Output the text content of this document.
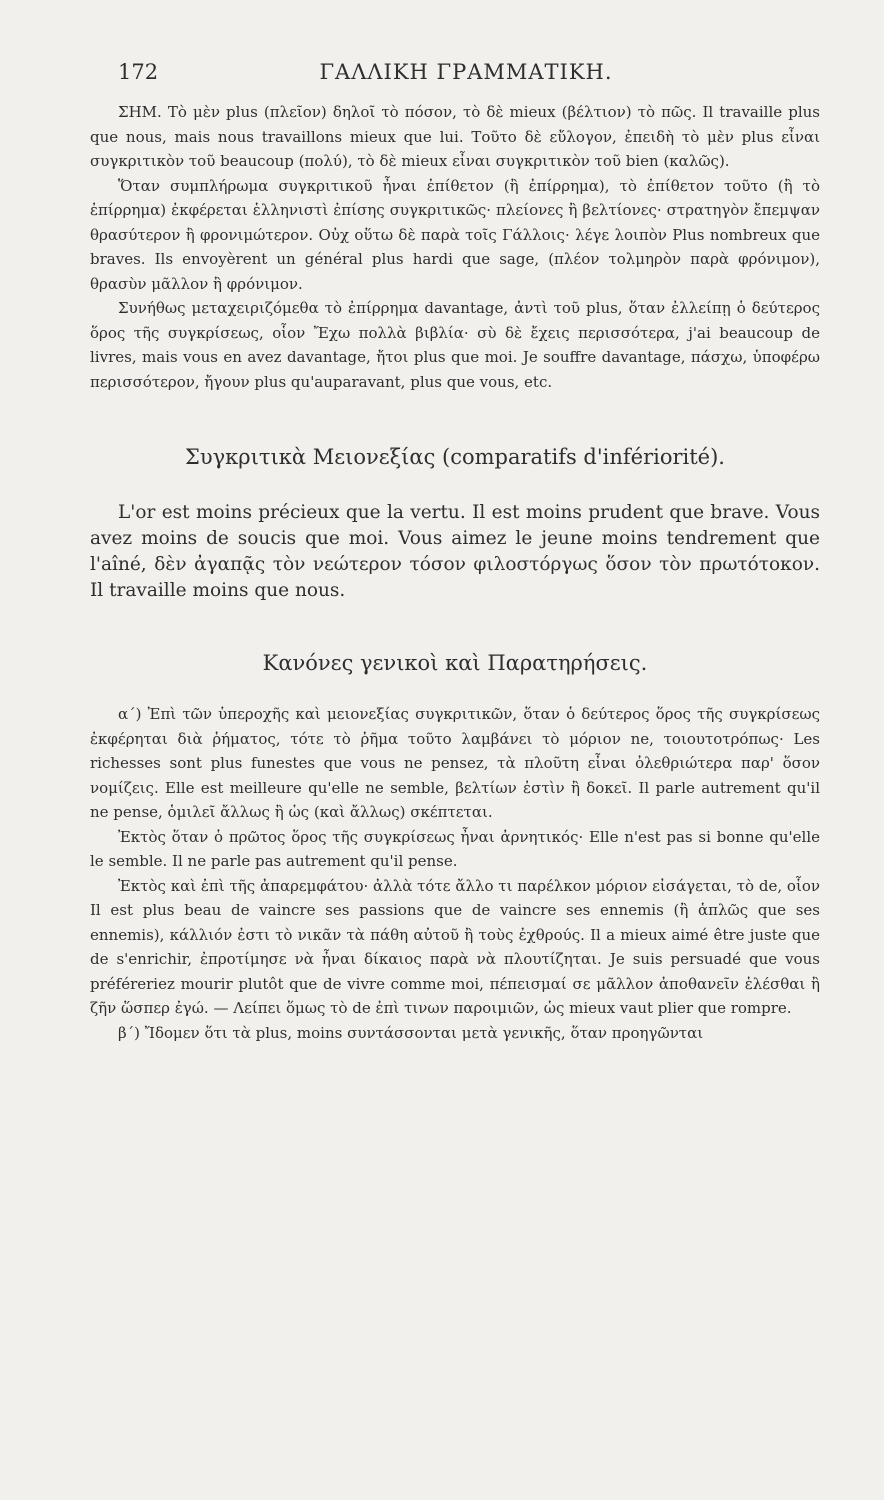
172	ΓΑΛΛΙΚΗ ΓΡΑΜΜΑΤΙΚΗ.

ΣΗΜ. Τὸ μὲν plus (πλεῖον) δηλοῖ τὸ πόσον, τὸ δὲ mieux (βέλτιον) τὸ πῶς. Il travaille plus que nous, mais nous travaillons mieux que lui. Τοῦτο δὲ εὔλογον, ἐπειδὴ τὸ μὲν plus εἶναι συγκριτικὸν τοῦ beaucoup (πολύ), τὸ δὲ mieux εἶναι συγκριτικὸν τοῦ bien (καλῶς).

Ὅταν συμπλήρωμα συγκριτικοῦ ἦναι ἐπίθετον (ἢ ἐπίρρημα), τὸ ἐπίθετον τοῦτο (ἢ τὸ ἐπίρρημα) ἐκφέρεται ἑλληνιστὶ ἐπίσης συγκριτικῶς· πλείονες ἢ βελτίονες· στρατηγὸν ἔπεμψαν θρασύτερον ἢ φρονιμώτερον. Οὐχ οὕτω δὲ παρὰ τοῖς Γάλλοις· λέγε λοιπὸν Plus nombreux que braves. Ils envoyèrent un général plus hardi que sage, (πλέον τολμηρὸν παρὰ φρόνιμον), θρασὺν μᾶλλον ἢ φρόνιμον.

Συνήθως μεταχειριζόμεθα τὸ ἐπίρρημα davantage, ἀντὶ τοῦ plus, ὅταν ἐλλείπῃ ὁ δεύτερος ὅρος τῆς συγκρίσεως, οἷον Ἔχω πολλὰ βιβλία· σὺ δὲ ἔχεις περισσότερα, j'ai beaucoup de livres, mais vous en avez davantage, ἤτοι plus que moi. Je souffre davantage, πάσχω, ὑποφέρω περισσότερον, ἤγουν plus qu'auparavant, plus que vous, etc.

Συγκριτικὰ Μειονεξίας (comparatifs d'infériorité).

L'or est moins précieux que la vertu. Il est moins prudent que brave. Vous avez moins de soucis que moi. Vous aimez le jeune moins tendrement que l'aîné, δὲν ἀγαπᾷς τὸν νεώτερον τόσον φιλοστόργως ὅσον τὸν πρωτότοκον. Il travaille moins que nous.

Κανόνες γενικοὶ καὶ Παρατηρήσεις.

α΄) Ἐπὶ τῶν ὑπεροχῆς καὶ μειονεξίας συγκριτικῶν, ὅταν ὁ δεύτερος ὅρος τῆς συγκρίσεως ἐκφέρηται διὰ ῥήματος, τότε τὸ ῥῆμα τοῦτο λαμβάνει τὸ μόριον ne, τοιουτοτρόπως· Les richesses sont plus funestes que vous ne pensez, τὰ πλοῦτη εἶναι ὀλεθριώτερα παρ' ὅσον νομίζεις. Elle est meilleure qu'elle ne semble, βελτίων ἐστὶν ἢ δοκεῖ. Il parle autrement qu'il ne pense, ὁμιλεῖ ἄλλως ἢ ὡς (καὶ ἄλλως) σκέπτεται.

Ἐκτὸς ὅταν ὁ πρῶτος ὅρος τῆς συγκρίσεως ἦναι ἀρνητικός· Elle n'est pas si bonne qu'elle le semble. Il ne parle pas autrement qu'il pense.

Ἐκτὸς καὶ ἐπὶ τῆς ἀπαρεμφάτου· ἀλλὰ τότε ἄλλο τι παρέλκον μόριον εἰσάγεται, τὸ de, οἷον Il est plus beau de vaincre ses passions que de vaincre ses ennemis (ἢ ἁπλῶς que ses ennemis), κάλλιόν ἐστι τὸ νικᾶν τὰ πάθη αὐτοῦ ἢ τοὺς ἐχθρούς. Il a mieux aimé être juste que de s'enrichir, ἐπροτίμησε νὰ ἦναι δίκαιος παρὰ νὰ πλουτίζηται. Je suis persuadé que vous préféreriez mourir plutôt que de vivre comme moi, πέπεισμαί σε μᾶλλον ἀποθανεῖν ἑλέσθαι ἢ ζῆν ὥσπερ ἐγώ. — Λείπει ὅμως τὸ de ἐπὶ τινων παροιμιῶν, ὡς mieux vaut plier que rompre.

β΄) Ἴδομεν ὅτι τὰ plus, moins συντάσσονται μετὰ γενικῆς, ὅταν προηγῶνται
